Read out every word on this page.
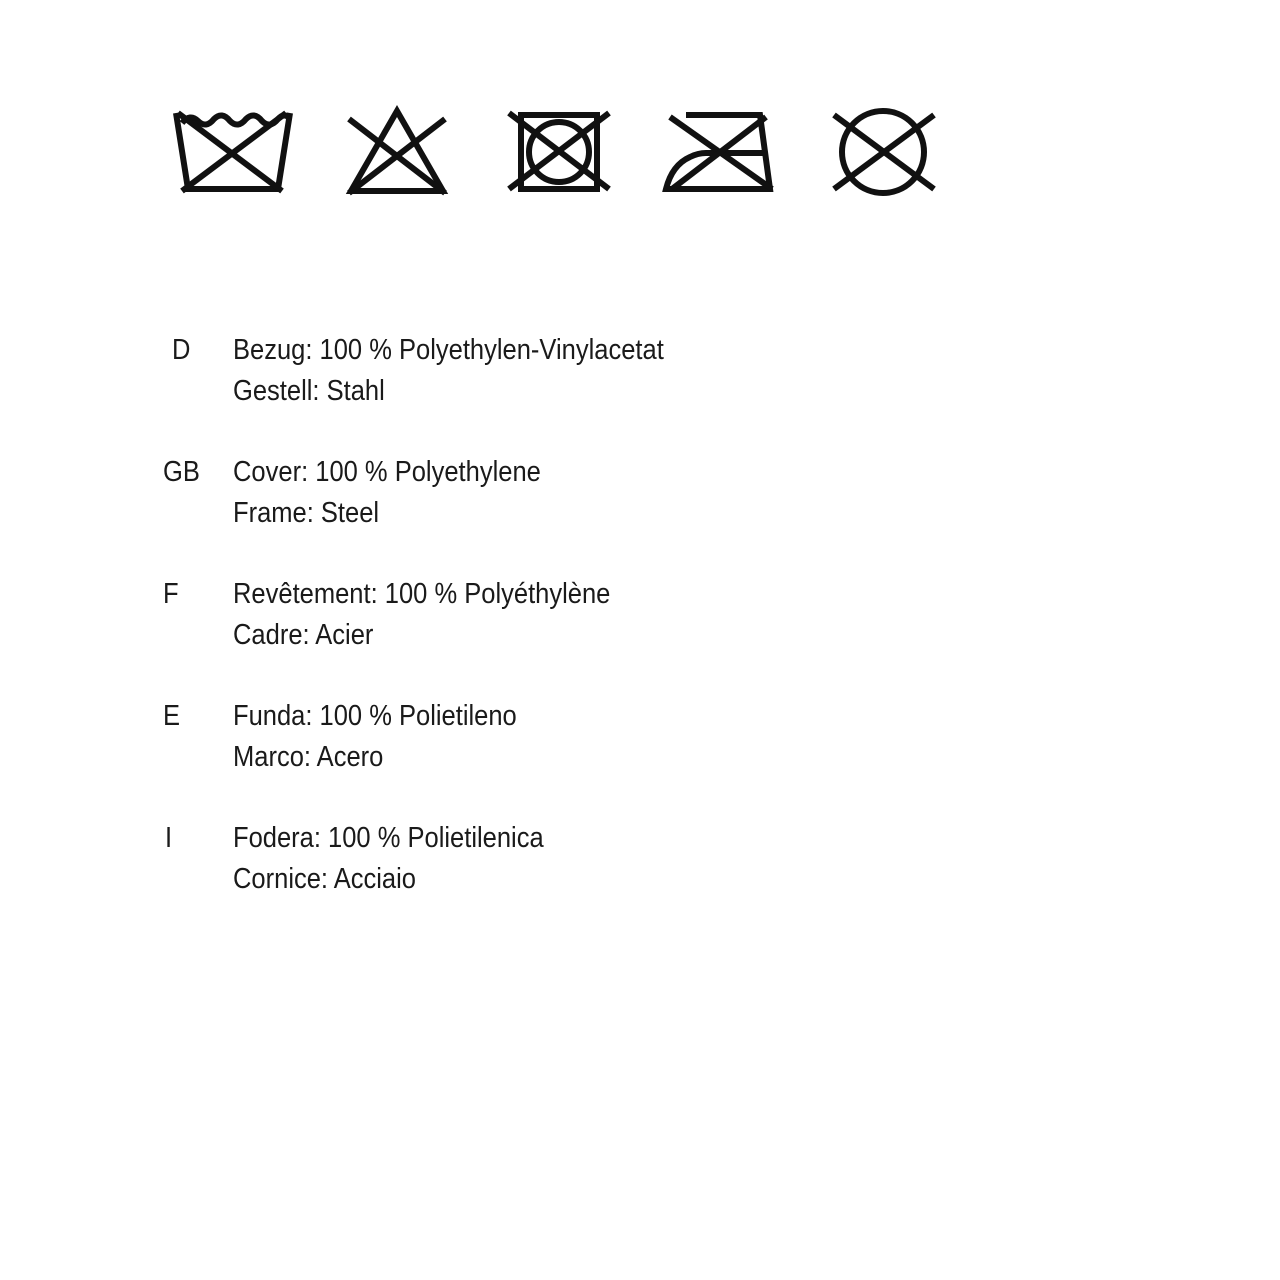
D	Bezug: 100 % Polyethylen-Vinylacetat
Gestell: Stahl
GB	Cover: 100 % Polyethylene
Frame: Steel
F	Revêtement: 100 % Polyéthylène
Cadre: Acier
E	Funda: 100 % Polietileno
Marco: Acero
I	Fodera: 100 % Polietilenica
Cornice: Acciaio
